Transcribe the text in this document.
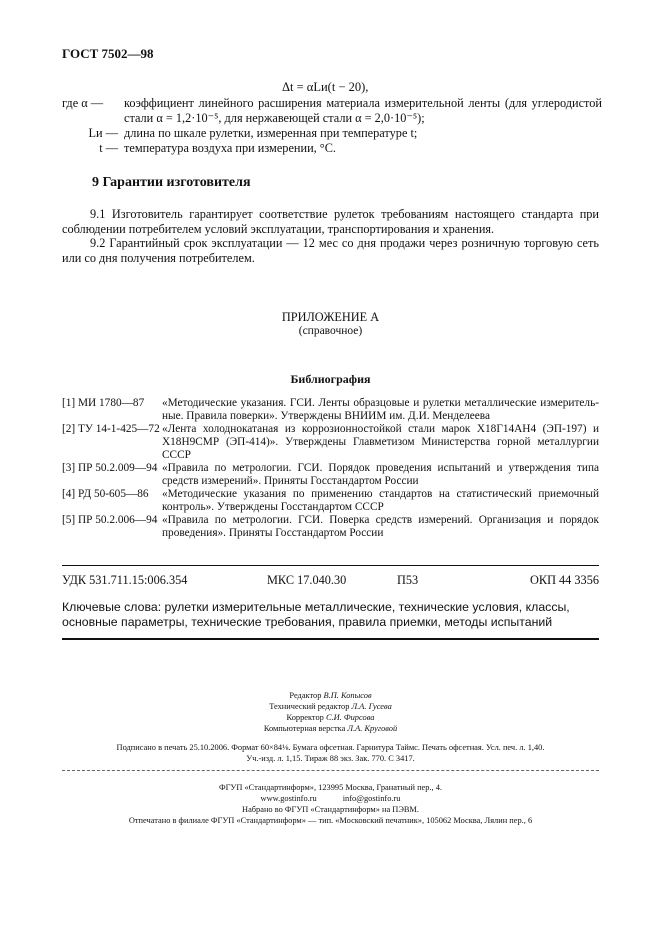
ГОСТ 7502—98
Δt = αLи(t − 20),
где α —	коэффициент линейного расширения материала измерительной ленты (для углеродистой стали α = 1,2·10⁻⁵, для нержавеющей стали α = 2,0·10⁻⁵);
Lи — длина по шкале рулетки, измеренная при температуре t;
t — температура воздуха при измерении, °С.
9 Гарантии изготовителя
9.1 Изготовитель гарантирует соответствие рулеток требованиям настоящего стандарта при соблюдении потребителем условий эксплуатации, транспортирования и хранения.
9.2 Гарантийный срок эксплуатации — 12 мес со дня продажи через розничную торговую сеть или со дня получения потребителем.
ПРИЛОЖЕНИЕ А
(справочное)
Библиография
[1] МИ 1780—87	«Методические указания. ГСИ. Ленты образцовые и рулетки металлические измеритель-ные. Правила поверки». Утверждены ВНИИМ им. Д.И. Менделеева
[2] ТУ 14-1-425—72 «Лента холоднокатаная из коррозионностойкой стали марок Х18Г14АН4 (ЭП-197) и Х18Н9СМР (ЭП-414)». Утверждены Главметизом Министерства горной металлургии СССР
[3] ПР 50.2.009—94 «Правила по метрологии. ГСИ. Порядок проведения испытаний и утверждения типа средств измерений». Приняты Госстандартом России
[4] РД 50-605—86	«Методические указания по применению стандартов на статистический приемочный контроль». Утверждены Госстандартом СССР
[5] ПР 50.2.006—94 «Правила по метрологии. ГСИ. Поверка средств измерений. Организация и порядок проведения». Приняты Госстандартом России
УДК 531.711.15:006.354	МКС 17.040.30	П53	ОКП 44 3356
Ключевые слова: рулетки измерительные металлические, технические условия, классы, основные параметры, технические требования, правила приемки, методы испытаний
Редактор В.П. Копысов
Технический редактор Л.А. Гусева
Корректор С.И. Фирсова
Компьютерная верстка Л.А. Круговой
Подписано в печать 25.10.2006. Формат 60×84⅛. Бумага офсетная. Гарнитура Таймс. Печать офсетная. Усл. печ. л. 1,40.
Уч.-изд. л. 1,15. Тираж 88 экз. Зак. 770. С 3417.
ФГУП «Стандартинформ», 123995 Москва, Гранатный пер., 4.
www.gostinfo.ru	info@gostinfo.ru
Набрано во ФГУП «Стандартинформ» на ПЭВМ.
Отпечатано в филиале ФГУП «Стандартинформ» — тип. «Московский печатник», 105062 Москва, Лялин пер., 6
